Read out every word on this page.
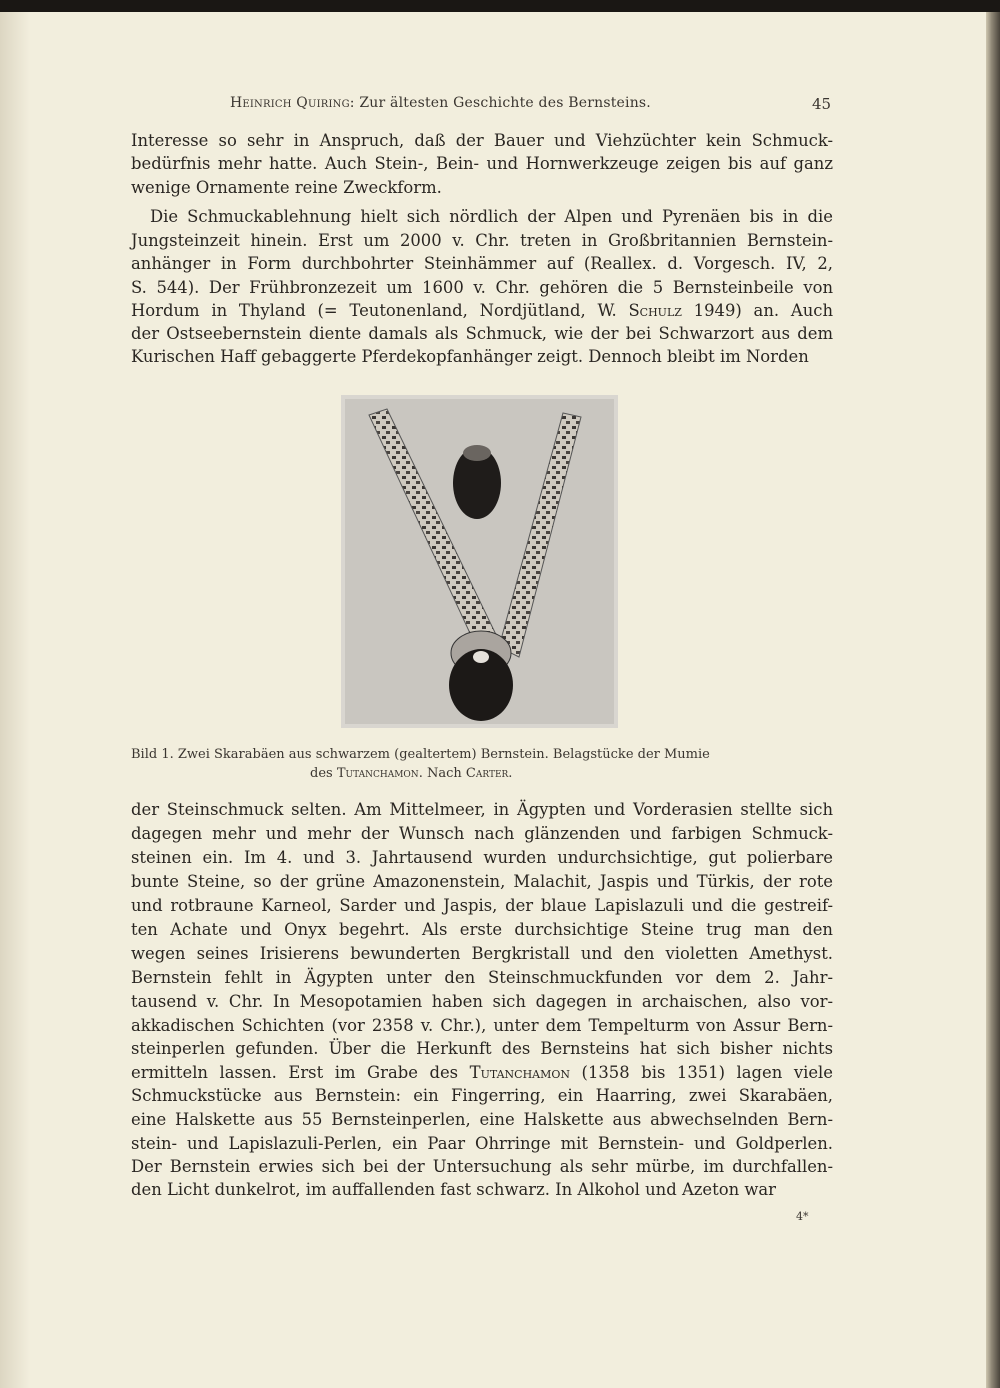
Heinrich Quiring: Zur ältesten Geschichte des Bernsteins.	45
Interesse so sehr in Anspruch, daß der Bauer und Viehzüchter kein Schmuck-
bedürfnis mehr hatte. Auch Stein-, Bein- und Hornwerkzeuge zeigen bis auf ganz
wenige Ornamente reine Zweckform.
Die Schmuckablehnung hielt sich nördlich der Alpen und Pyrenäen bis in die
Jungsteinzeit hinein. Erst um 2000 v. Chr. treten in Großbritannien Bernstein-
anhänger in Form durchbohrter Steinhämmer auf (Reallex. d. Vorgesch. IV, 2,
S. 544). Der Frühbronzezeit um 1600 v. Chr. gehören die 5 Bernsteinbeile von
Hordum in Thyland (= Teutonenland, Nordjütland, W. Schulz 1949) an. Auch
der Ostseebernstein diente damals als Schmuck, wie der bei Schwarzort aus dem
Kurischen Haff gebaggerte Pferdekopfanhänger zeigt. Dennoch bleibt im Norden
Bild 1. Zwei Skarabäen aus schwarzem (gealtertem) Bernstein. Belagstücke der Mumie
des Tutanchamon. Nach Carter.
der Steinschmuck selten. Am Mittelmeer, in Ägypten und Vorderasien stellte sich
dagegen mehr und mehr der Wunsch nach glänzenden und farbigen Schmuck-
steinen ein. Im 4. und 3. Jahrtausend wurden undurchsichtige, gut polierbare
bunte Steine, so der grüne Amazonenstein, Malachit, Jaspis und Türkis, der rote
und rotbraune Karneol, Sarder und Jaspis, der blaue Lapislazuli und die gestreif-
ten Achate und Onyx begehrt. Als erste durchsichtige Steine trug man den
wegen seines Irisierens bewunderten Bergkristall und den violetten Amethyst.
Bernstein fehlt in Ägypten unter den Steinschmuckfunden vor dem 2. Jahr-
tausend v. Chr. In Mesopotamien haben sich dagegen in archaischen, also vor-
akkadischen Schichten (vor 2358 v. Chr.), unter dem Tempelturm von Assur Bern-
steinperlen gefunden. Über die Herkunft des Bernsteins hat sich bisher nichts
ermitteln lassen. Erst im Grabe des Tutanchamon (1358 bis 1351) lagen viele
Schmuckstücke aus Bernstein: ein Fingerring, ein Haarring, zwei Skarabäen,
eine Halskette aus 55 Bernsteinperlen, eine Halskette aus abwechselnden Bern-
stein- und Lapislazuli-Perlen, ein Paar Ohrringe mit Bernstein- und Goldperlen.
Der Bernstein erwies sich bei der Untersuchung als sehr mürbe, im durchfallen-
den Licht dunkelrot, im auffallenden fast schwarz. In Alkohol und Azeton war
4*
